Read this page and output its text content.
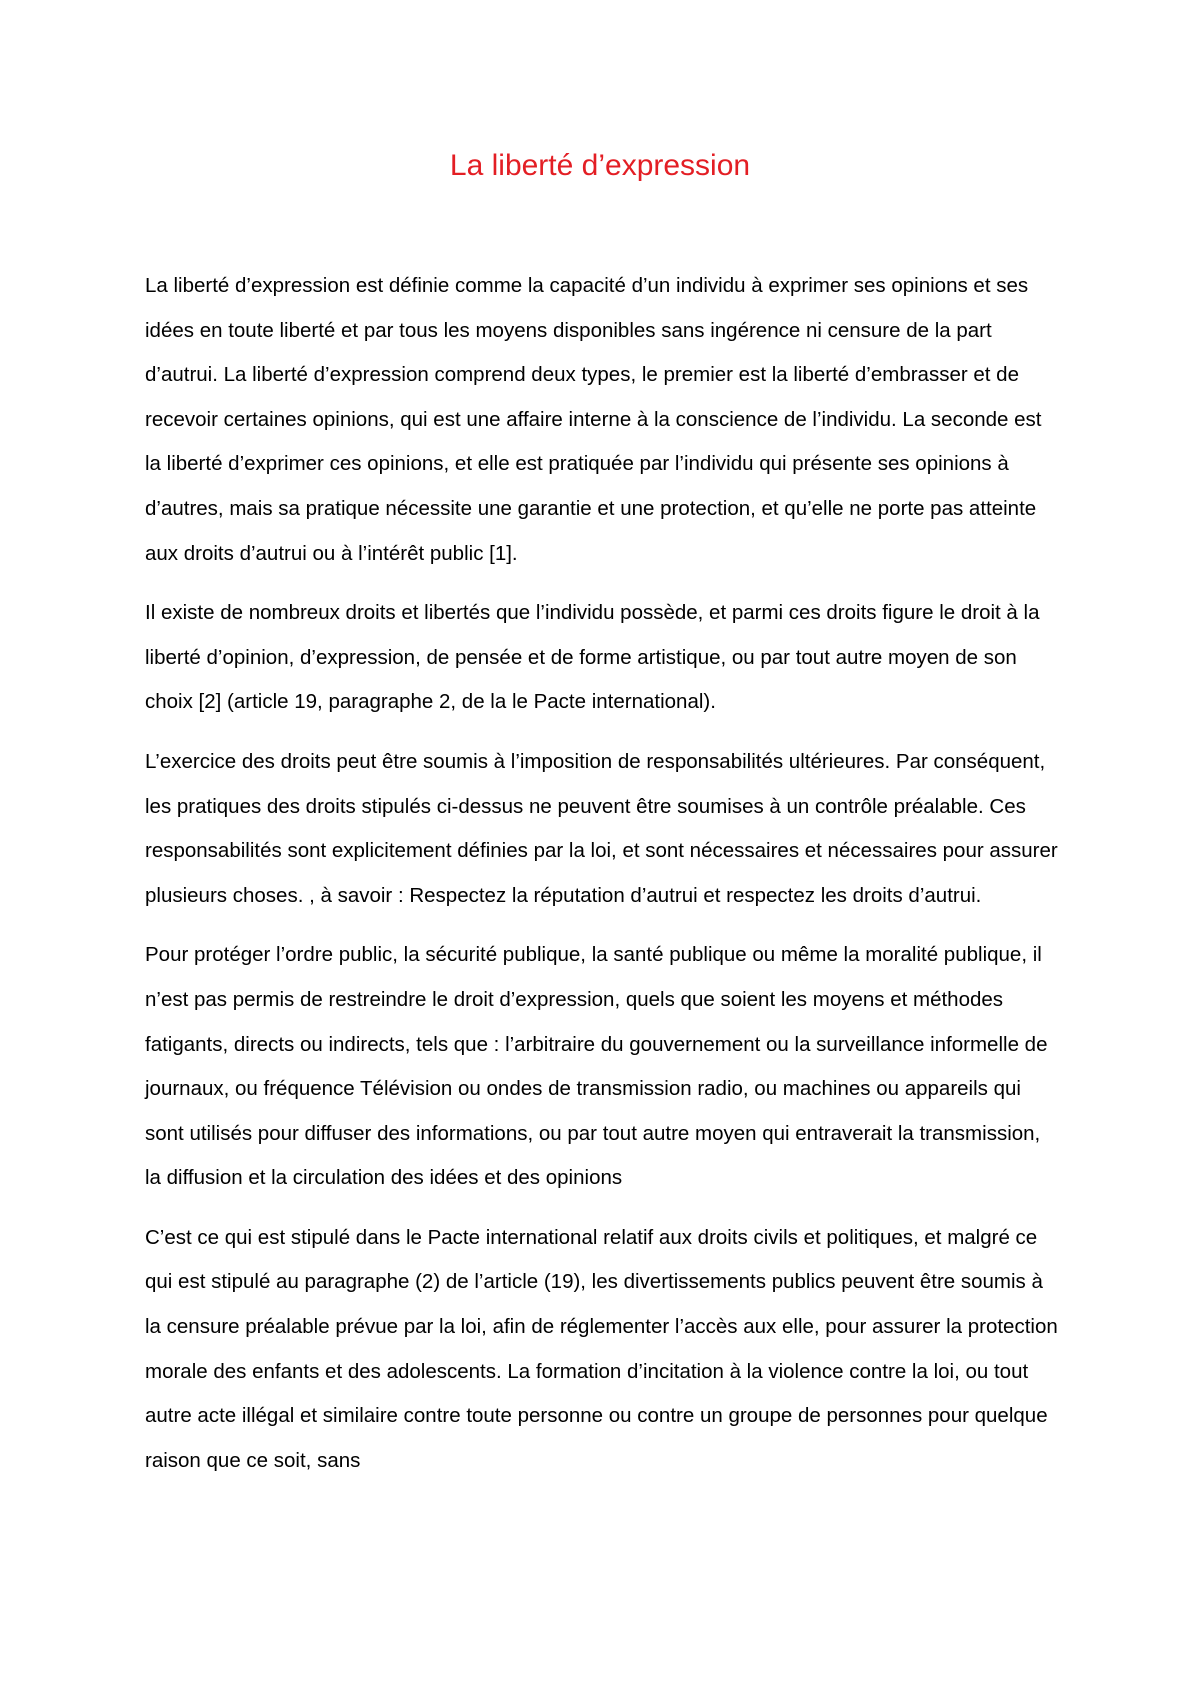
La liberté d’expression

La liberté d’expression est définie comme la capacité d’un individu à exprimer ses opinions et ses idées en toute liberté et par tous les moyens disponibles sans ingérence ni censure de la part d’autrui. La liberté d’expression comprend deux types, le premier est la liberté d’embrasser et de recevoir certaines opinions, qui est une affaire interne à la conscience de l’individu. La seconde est la liberté d’exprimer ces opinions, et elle est pratiquée par l’individu qui présente ses opinions à d’autres, mais sa pratique nécessite une garantie et une protection, et qu’elle ne porte pas atteinte aux droits d’autrui ou à l’intérêt public [1].

Il existe de nombreux droits et libertés que l’individu possède, et parmi ces droits figure le droit à la liberté d’opinion, d’expression, de pensée et de forme artistique, ou par tout autre moyen de son choix [2] (article 19, paragraphe 2, de la le Pacte international).

L’exercice des droits peut être soumis à l’imposition de responsabilités ultérieures. Par conséquent, les pratiques des droits stipulés ci-dessus ne peuvent être soumises à un contrôle préalable. Ces responsabilités sont explicitement définies par la loi, et sont nécessaires et nécessaires pour assurer plusieurs choses. , à savoir : Respectez la réputation d’autrui et respectez les droits d’autrui.

Pour protéger l’ordre public, la sécurité publique, la santé publique ou même la moralité publique, il n’est pas permis de restreindre le droit d’expression, quels que soient les moyens et méthodes fatigants, directs ou indirects, tels que : l’arbitraire du gouvernement ou la surveillance informelle de journaux, ou fréquence Télévision ou ondes de transmission radio, ou machines ou appareils qui sont utilisés pour diffuser des informations, ou par tout autre moyen qui entraverait la transmission, la diffusion et la circulation des idées et des opinions

C’est ce qui est stipulé dans le Pacte international relatif aux droits civils et politiques, et malgré ce qui est stipulé au paragraphe (2) de l’article (19), les divertissements publics peuvent être soumis à la censure préalable prévue par la loi, afin de réglementer l’accès aux elle, pour assurer la protection morale des enfants et des adolescents. La formation d’incitation à la violence contre la loi, ou tout autre acte illégal et similaire contre toute personne ou contre un groupe de personnes pour quelque raison que ce soit, sans
